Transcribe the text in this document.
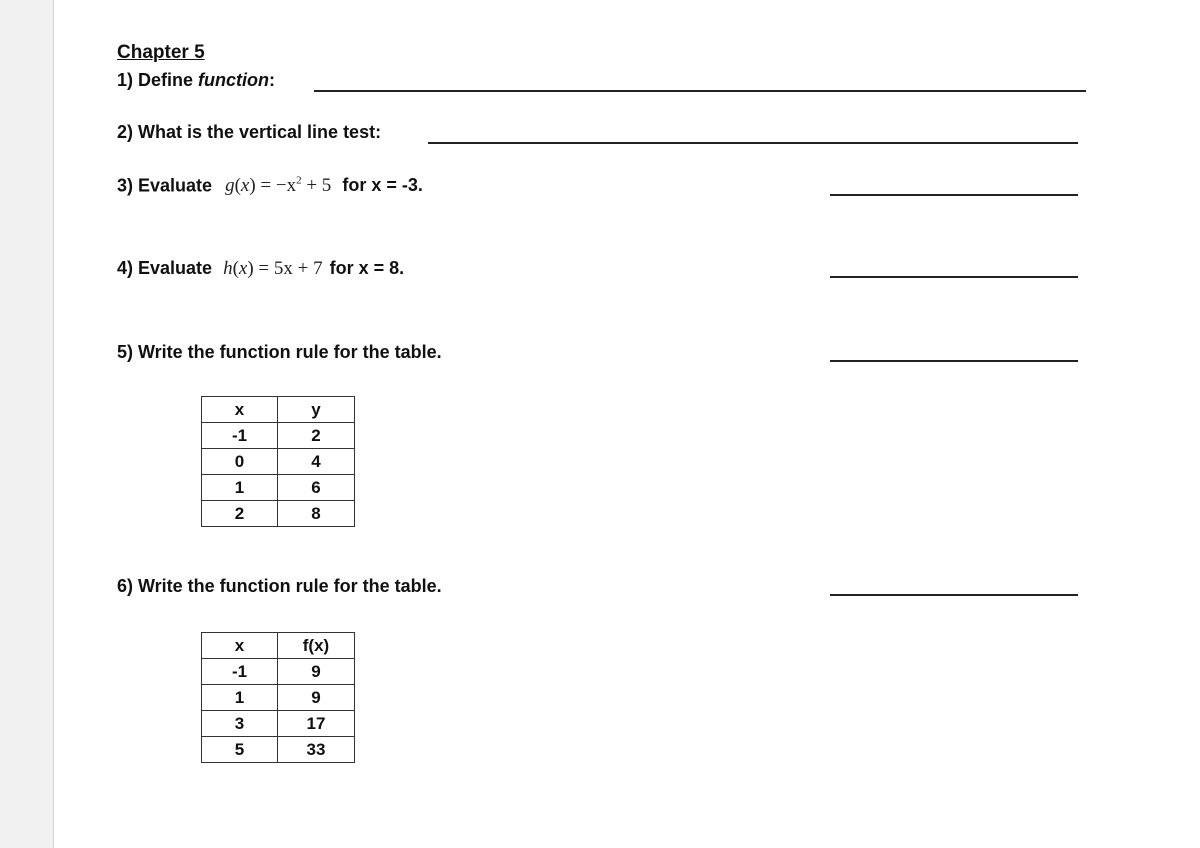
Chapter 5
1) Define function:
2) What is the vertical line test:
3) Evaluate $g(x) = -x^2 + 5$ for x = -3.
4) Evaluate h(x) = 5x + 7 for x = 8.
5) Write the function rule for the table.
x	y
-1	2
0	4
1	6
2	8
6) Write the function rule for the table.
x	f(x)
-1	9
1	9
3	17
5	33
